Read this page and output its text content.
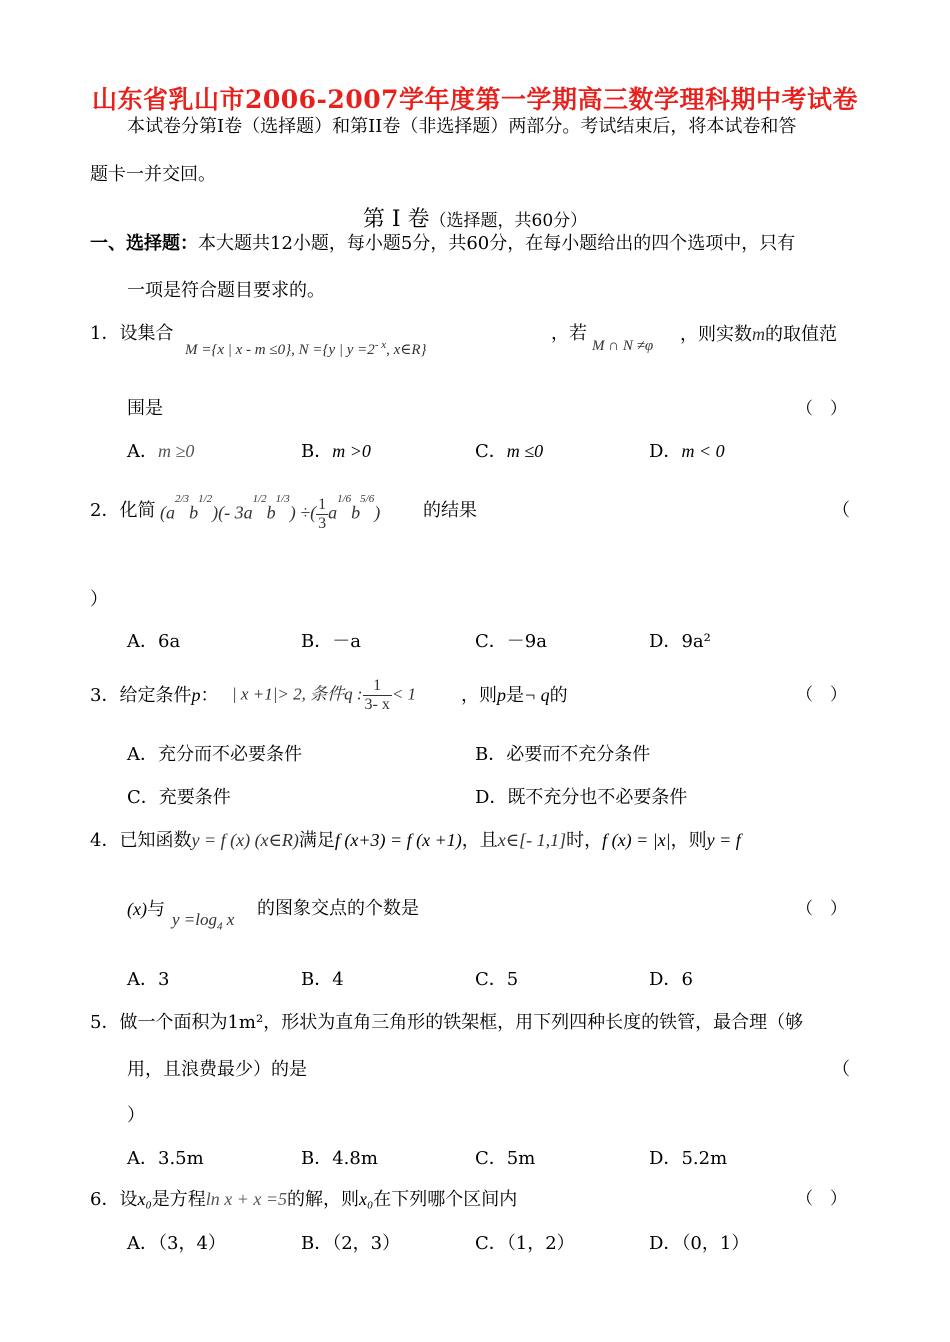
山东省乳山市2006-2007学年度第一学期高三数学理科期中考试卷
本试卷分第I卷（选择题）和第II卷（非选择题）两部分。考试结束后，将本试卷和答
题卡一并交回。
第 I 卷（选择题，共60分）
一、选择题：本大题共12小题，每小题5分，共60分，在每小题给出的四个选项中，只有
一项是符合题目要求的。
1．设集合
M ={x | x - m ≤0}, N ={y | $y =2^{- x}$, x∈R}
，若
M ∩ N ≠φ
，则实数m的取值范
围是	（　）
A．m ≥0	B．m >0	C．m ≤0	D．m < 0
2．化简 $(a^{2/3}b^{1/2})(-$ $3a^{1/2}b^{1/3}$) ÷( $\frac{1}{3} a^{1/6}b^{5/6}$) 的结果	（
）
A．6a	B．－a	C．－9a	D．9a²
3．给定条件p： | x +1|> 2, 条件q : $\frac{1}{3- x} < 1$ ，则p是¬ q的	（　）
A．充分而不必要条件	B．必要而不充分条件
C．充要条件	D．既不充分也不必要条件
4．已知函数y = f (x) (x∈R)满足f (x+3) = f (x +1)，且x∈[- 1,1]时，f (x) = |x|，则y = f
(x)与 $y =\log_4$ x
的图象交点的个数是	（　）
A．3	B．4	C．5	D．6
5．做一个面积为1m²，形状为直角三角形的铁架框，用下列四种长度的铁管，最合理（够
用，且浪费最少）的是	（
）
A．3.5m	B．4.8m	C．5m	D．5.2m
6．设x₀是方程ln x + x =5的解，则x₀在下列哪个区间内	（　）
A．（3，4）	B．（2，3）	C．（1，2）	D．（0，1）
